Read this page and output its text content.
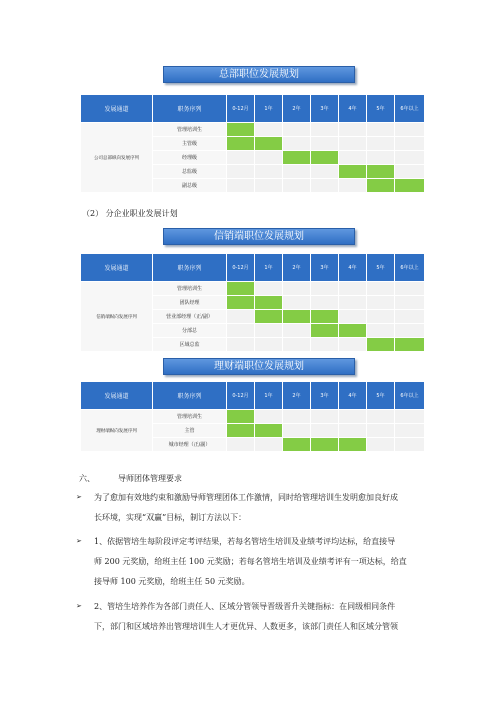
总部职位发展规划
发展通道	职务序列	0-12月	1年	2年	3年	4年	5年	6年以上
公司总部纵向发展序列	管理培训生							
	主管级							
	经理级							
	总监级							
	副总级							
（2） 分企业职业发展计划
信销端职位发展规划
发展通道	职务序列	0-12月	1年	2年	3年	4年	5年	6年以上
信销端纵向发展序列	管理培训生							
	团队经理							
	营业部经理（正/副）							
	分部总							
	区域总监							
理财端职位发展规划
发展通道	职务序列	0-12月	1年	2年	3年	4年	5年	6年以上
理财端纵向发展序列	管理培训生							
	主管							
	城市经理（正/副）							
六、	导师团体管理要求
➢ 为了愈加有效地约束和激励导师管理团体工作激情，同时给管理培训生发明愈加良好成
长环境，实现“双赢”目标，制订方法以下：
➢ 1、依据管培生每阶段评定考评结果，若每名管培生培训及业绩考评均达标，给直接导
师 200 元奖励，给班主任 100 元奖励；若每名管培生培训及业绩考评有一项达标，给直
接导师 100 元奖励，给班主任 50 元奖励。
➢ 2、管培生培养作为各部门责任人、区域分管领导晋级晋升关键指标：在同级相同条件
下，部门和区域培养出管理培训生人才更优异、人数更多，该部门责任人和区域分管领
